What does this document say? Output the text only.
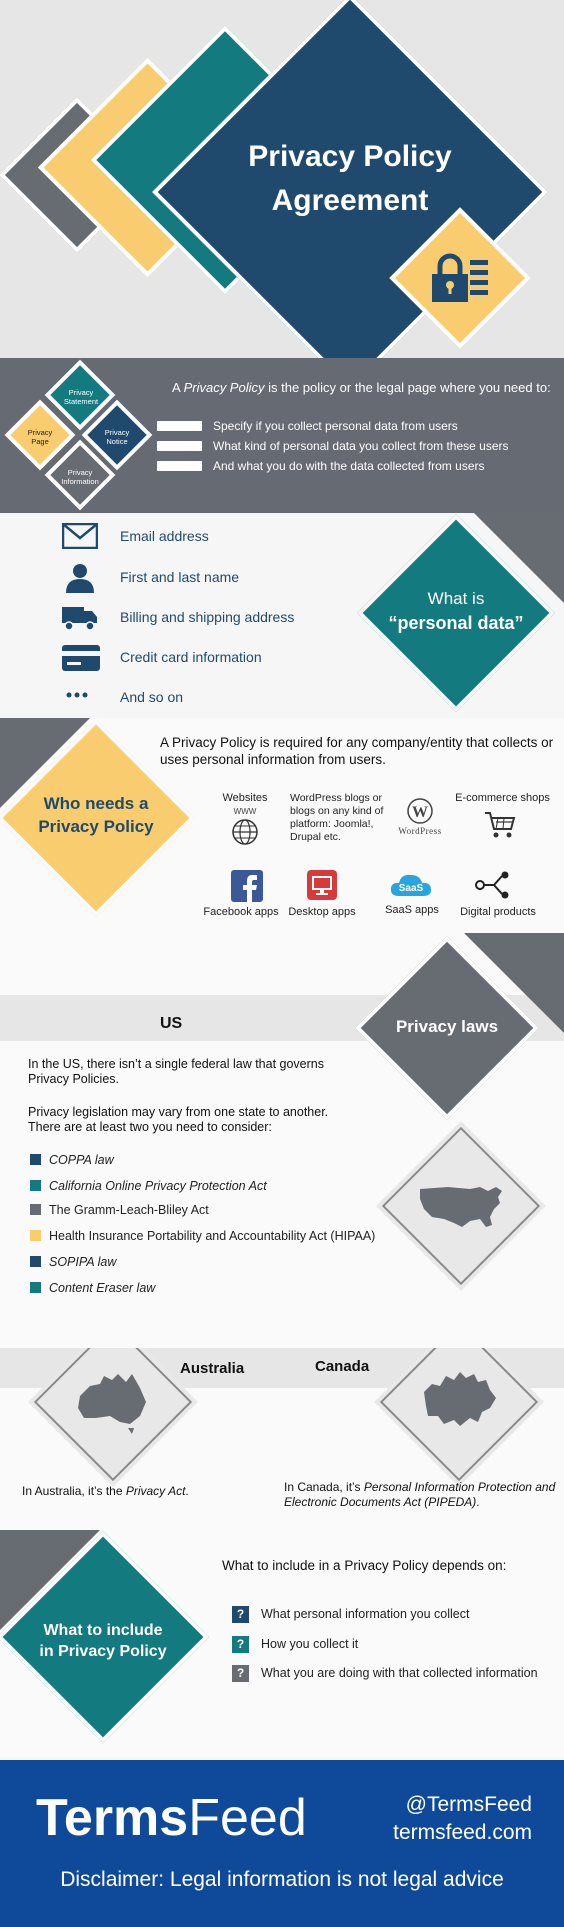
Privacy Policy
Agreement
Privacy Statement
Privacy Page
Privacy Notice
Privacy Information
A Privacy Policy is the policy or the legal page where you need to:
Specify if you collect personal data from users
What kind of personal data you collect from these users
And what you do with the data collected from users
Email address
First and last name
Billing and shipping address
Credit card information
And so on
What is
“personal data”
Who needs a
Privacy Policy
A Privacy Policy is required for any company/entity that collects or uses personal information from users.
Websites
WWW
WordPress blogs or blogs on any kind of platform: Joomla!, Drupal etc.
W
WordPress
E-commerce shops
Facebook apps Desktop apps
SaaS
SaaS apps	Digital products
Privacy laws
US
In the US, there isn’t a single federal law that governs Privacy Policies.
Privacy legislation may vary from one state to another. There are at least two you need to consider:
COPPA law
California Online Privacy Protection Act
The Gramm-Leach-Bliley Act
Health Insurance Portability and Accountability Act (HIPAA)
SOPIPA law
Content Eraser law
Australia	Canada
In Australia, it’s the Privacy Act.	In Canada, it’s Personal Information Protection and Electronic Documents Act (PIPEDA).
What to include
in Privacy Policy
What to include in a Privacy Policy depends on:
? What personal information you collect
? How you collect it
? What you are doing with that collected information
TermsFeed	@TermsFeed
termsfeed.com
Disclaimer: Legal information is not legal advice
